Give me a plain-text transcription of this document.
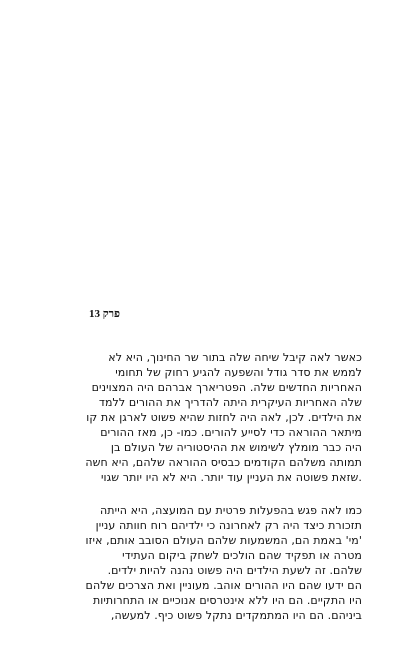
פרק 13

כאשר לאה קיבל שיחה שלה בתור שר החינוך, היא לא
לממש את סדר גודל והשפעה להגיע רחוק של תחומי
האחריות החדשים שלה. הפטריארך אברהם היה המצוינים
שלה האחריות העיקרית היתה להדריך את ההורים ללמד
את הילדים. לכן, לאה היה לחזות שהיא פשוט לארגן את קו
מיתאר ההוראה כדי לסייע להורים. כמו- כן, מאז ההורים
היה כבר מומלץ לשימוש את ההיסטוריה של העולם בן
תמותה משלהם הקודמים כבסיס ההוראה שלהם, היא חשה
.שזאת פשוטה את העניין עוד יותר. היא לא היו יותר שגוי

כמו לאה פגש בהפעלות פרטית עם המועצה, היא הייתה
תזכורת כיצד היה רק לאחרונה כי ילדיהם רוח חוותה עניין
'מי' באמת הם, המשמעות שלהם העולם הסובב אותם, איזו
מטרה או תפקיד שהם הולכים לשחק ביקום העתידי
שלהם. זה לשעת הילדים היה פשוט נהנה להיות ילדים.
הם ידעו שהם היו ההורים אוהב. מעוניין ואת הצרכים שלהם
היו התקיים. הם היו ללא אינטרסים אנוכיים או התחרותיות
ביניהם. הם היו המתמקדים נתקל פשוט כיף. למעשה,
